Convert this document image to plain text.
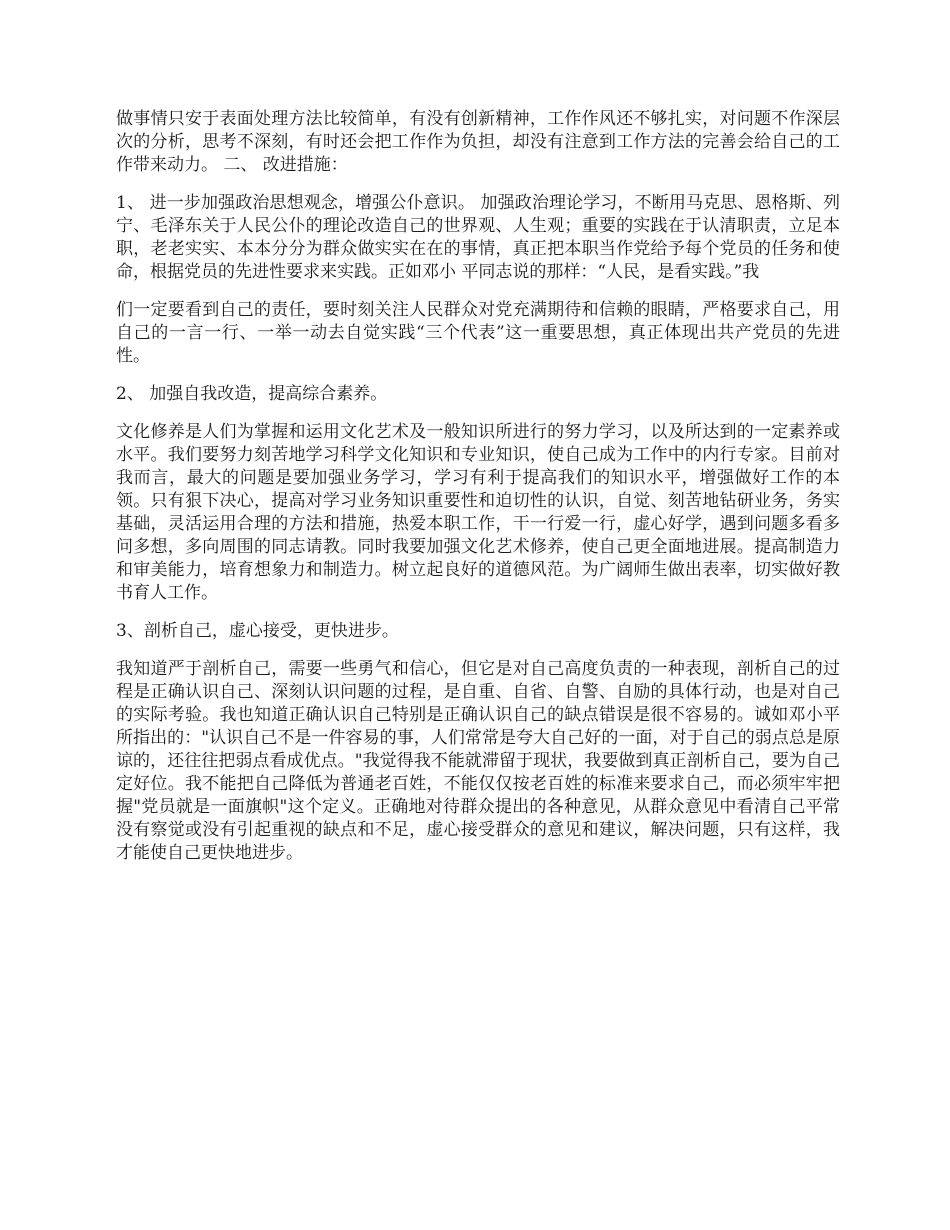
做事情只安于表面处理方法比较简单，有没有创新精神，工作作风还不够扎实，对问题不作深层次的分析，思考不深刻，有时还会把工作作为负担，却没有注意到工作方法的完善会给自己的工作带来动力。 二、 改进措施：

1、 进一步加强政治思想观念，增强公仆意识。 加强政治理论学习，不断用马克思、恩格斯、列宁、毛泽东关于人民公仆的理论改造自己的世界观、人生观；重要的实践在于认清职责，立足本职，老老实实、本本分分为群众做实实在在的事情，真正把本职当作党给予每个党员的任务和使命，根据党员的先进性要求来实践。正如邓小 平同志说的那样：“人民，是看实践。”我

们一定要看到自己的责任，要时刻关注人民群众对党充满期待和信赖的眼睛，严格要求自己，用自己的一言一行、一举一动去自觉实践“三个代表”这一重要思想，真正体现出共产党员的先进性。

2、 加强自我改造，提高综合素养。

文化修养是人们为掌握和运用文化艺术及一般知识所进行的努力学习，以及所达到的一定素养或水平。我们要努力刻苦地学习科学文化知识和专业知识，使自己成为工作中的内行专家。目前对我而言，最大的问题是要加强业务学习，学习有利于提高我们的知识水平，增强做好工作的本领。只有狠下决心，提高对学习业务知识重要性和迫切性的认识，自觉、刻苦地钻研业务，务实基础，灵活运用合理的方法和措施，热爱本职工作，干一行爱一行，虚心好学，遇到问题多看多问多想，多向周围的同志请教。同时我要加强文化艺术修养，使自己更全面地进展。提高制造力和审美能力，培育想象力和制造力。树立起良好的道德风范。为广阔师生做出表率，切实做好教书育人工作。

3、剖析自己，虚心接受，更快进步。

我知道严于剖析自己，需要一些勇气和信心，但它是对自己高度负责的一种表现，剖析自己的过程是正确认识自己、深刻认识问题的过程，是自重、自省、自警、自励的具体行动，也是对自己的实际考验。我也知道正确认识自己特别是正确认识自己的缺点错误是很不容易的。诚如邓小平所指出的："认识自己不是一件容易的事，人们常常是夸大自己好的一面，对于自己的弱点总是原谅的，还往往把弱点看成优点。"我觉得我不能就滞留于现状，我要做到真正剖析自己，要为自己定好位。我不能把自己降低为普通老百姓，不能仅仅按老百姓的标准来要求自己，而必须牢牢把握"党员就是一面旗帜"这个定义。正确地对待群众提出的各种意见，从群众意见中看清自己平常没有察觉或没有引起重视的缺点和不足，虚心接受群众的意见和建议，解决问题，只有这样，我才能使自己更快地进步。
